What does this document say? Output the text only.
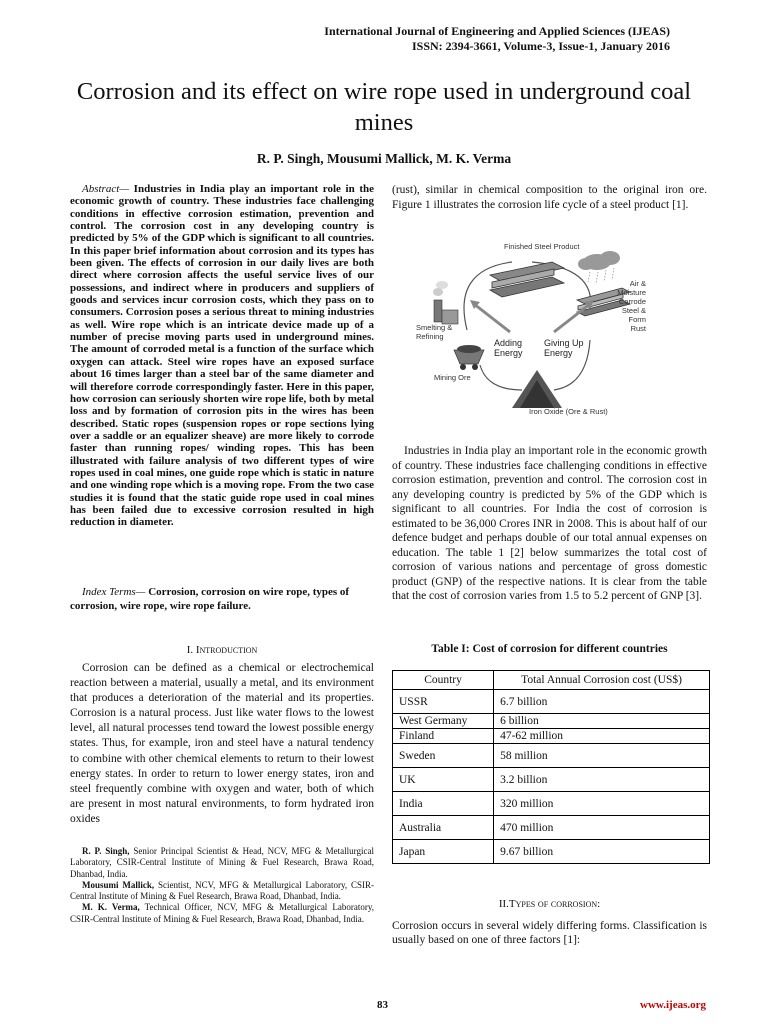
International Journal of Engineering and Applied Sciences (IJEAS)
ISSN: 2394-3661, Volume-3, Issue-1, January 2016
Corrosion and its effect on wire rope used in underground coal mines
R. P. Singh, Mousumi Mallick, M. K. Verma
Abstract— Industries in India play an important role in the economic growth of country. These industries face challenging conditions in effective corrosion estimation, prevention and control. The corrosion cost in any developing country is predicted by 5% of the GDP which is significant to all countries. In this paper brief information about corrosion and its types has been given. The effects of corrosion in our daily lives are both direct where corrosion affects the useful service lives of our possessions, and indirect where in producers and suppliers of goods and services incur corrosion costs, which they pass on to consumers. Corrosion poses a serious threat to mining industries as well. Wire rope which is an intricate device made up of a number of precise moving parts used in underground mines. The amount of corroded metal is a function of the surface which oxygen can attack. Steel wire ropes have an exposed surface about 16 times larger than a steel bar of the same diameter and will therefore corrode correspondingly faster. Here in this paper, how corrosion can seriously shorten wire rope life, both by metal loss and by formation of corrosion pits in the wires has been described. Static ropes (suspension ropes or rope sections lying over a saddle or an equalizer sheave) are more likely to corrode faster than running ropes/ winding ropes. This has been illustrated with failure analysis of two different types of wire ropes used in coal mines, one guide rope which is static in nature and one winding rope which is a moving rope. From the two case studies it is found that the static guide rope used in coal mines has been failed due to excessive corrosion resulted in high reduction in diameter.
Index Terms— Corrosion, corrosion on wire rope, types of corrosion, wire rope, wire rope failure.
I. Introduction
Corrosion can be defined as a chemical or electrochemical reaction between a material, usually a metal, and its environment that produces a deterioration of the material and its properties. Corrosion is a natural process. Just like water flows to the lowest level, all natural processes tend toward the lowest possible energy states. Thus, for example, iron and steel have a natural tendency to combine with other chemical elements to return to their lowest energy states. In order to return to lower energy states, iron and steel frequently combine with oxygen and water, both of which are present in most natural environments, to form hydrated iron oxides

R. P. Singh, Senior Principal Scientist & Head, NCV, MFG & Metallurgical Laboratory, CSIR-Central Institute of Mining & Fuel Research, Brawa Road, Dhanbad, India.

Mousumi Mallick, Scientist, NCV, MFG & Metallurgical Laboratory, CSIR-Central Institute of Mining & Fuel Research, Brawa Road, Dhanbad, India.

M. K. Verma, Technical Officer, NCV, MFG & Metallurgical Laboratory, CSIR-Central Institute of Mining & Fuel Research, Brawa Road, Dhanbad, India.

(rust), similar in chemical composition to the original iron ore. Figure 1 illustrates the corrosion life cycle of a steel product [1].
Finished Steel Product
Air &
Moisture
Corrode
Steel &
Form
Rust
Smelting &
Refining
Adding
Energy
Giving Up
Energy
Mining Ore
Iron Oxide (Ore & Rust)
Industries in India play an important role in the economic growth of country. These industries face challenging conditions in effective corrosion estimation, prevention and control. The corrosion cost in any developing country is predicted by 5% of the GDP which is significant to all countries. For India the cost of corrosion is estimated to be 36,000 Crores INR in 2008. This is about half of our defence budget and perhaps double of our total annual expenses on education. The table 1 [2] below summarizes the total cost of corrosion of various nations and percentage of gross domestic product (GNP) of the respective nations. It is clear from the table that the cost of corrosion varies from 1.5 to 5.2 percent of GNP [3].
Table I: Cost of corrosion for different countries
Country	Total Annual Corrosion cost (US$)
USSR	6.7 billion
West Germany	6 billion
Finland	47-62 million
Sweden	58 million
UK	3.2 billion
India	320 million
Australia	470 million
Japan	9.67 billion
II.Types of corrosion:
Corrosion occurs in several widely differing forms. Classification is usually based on one of three factors [1]:
83	www.ijeas.org
